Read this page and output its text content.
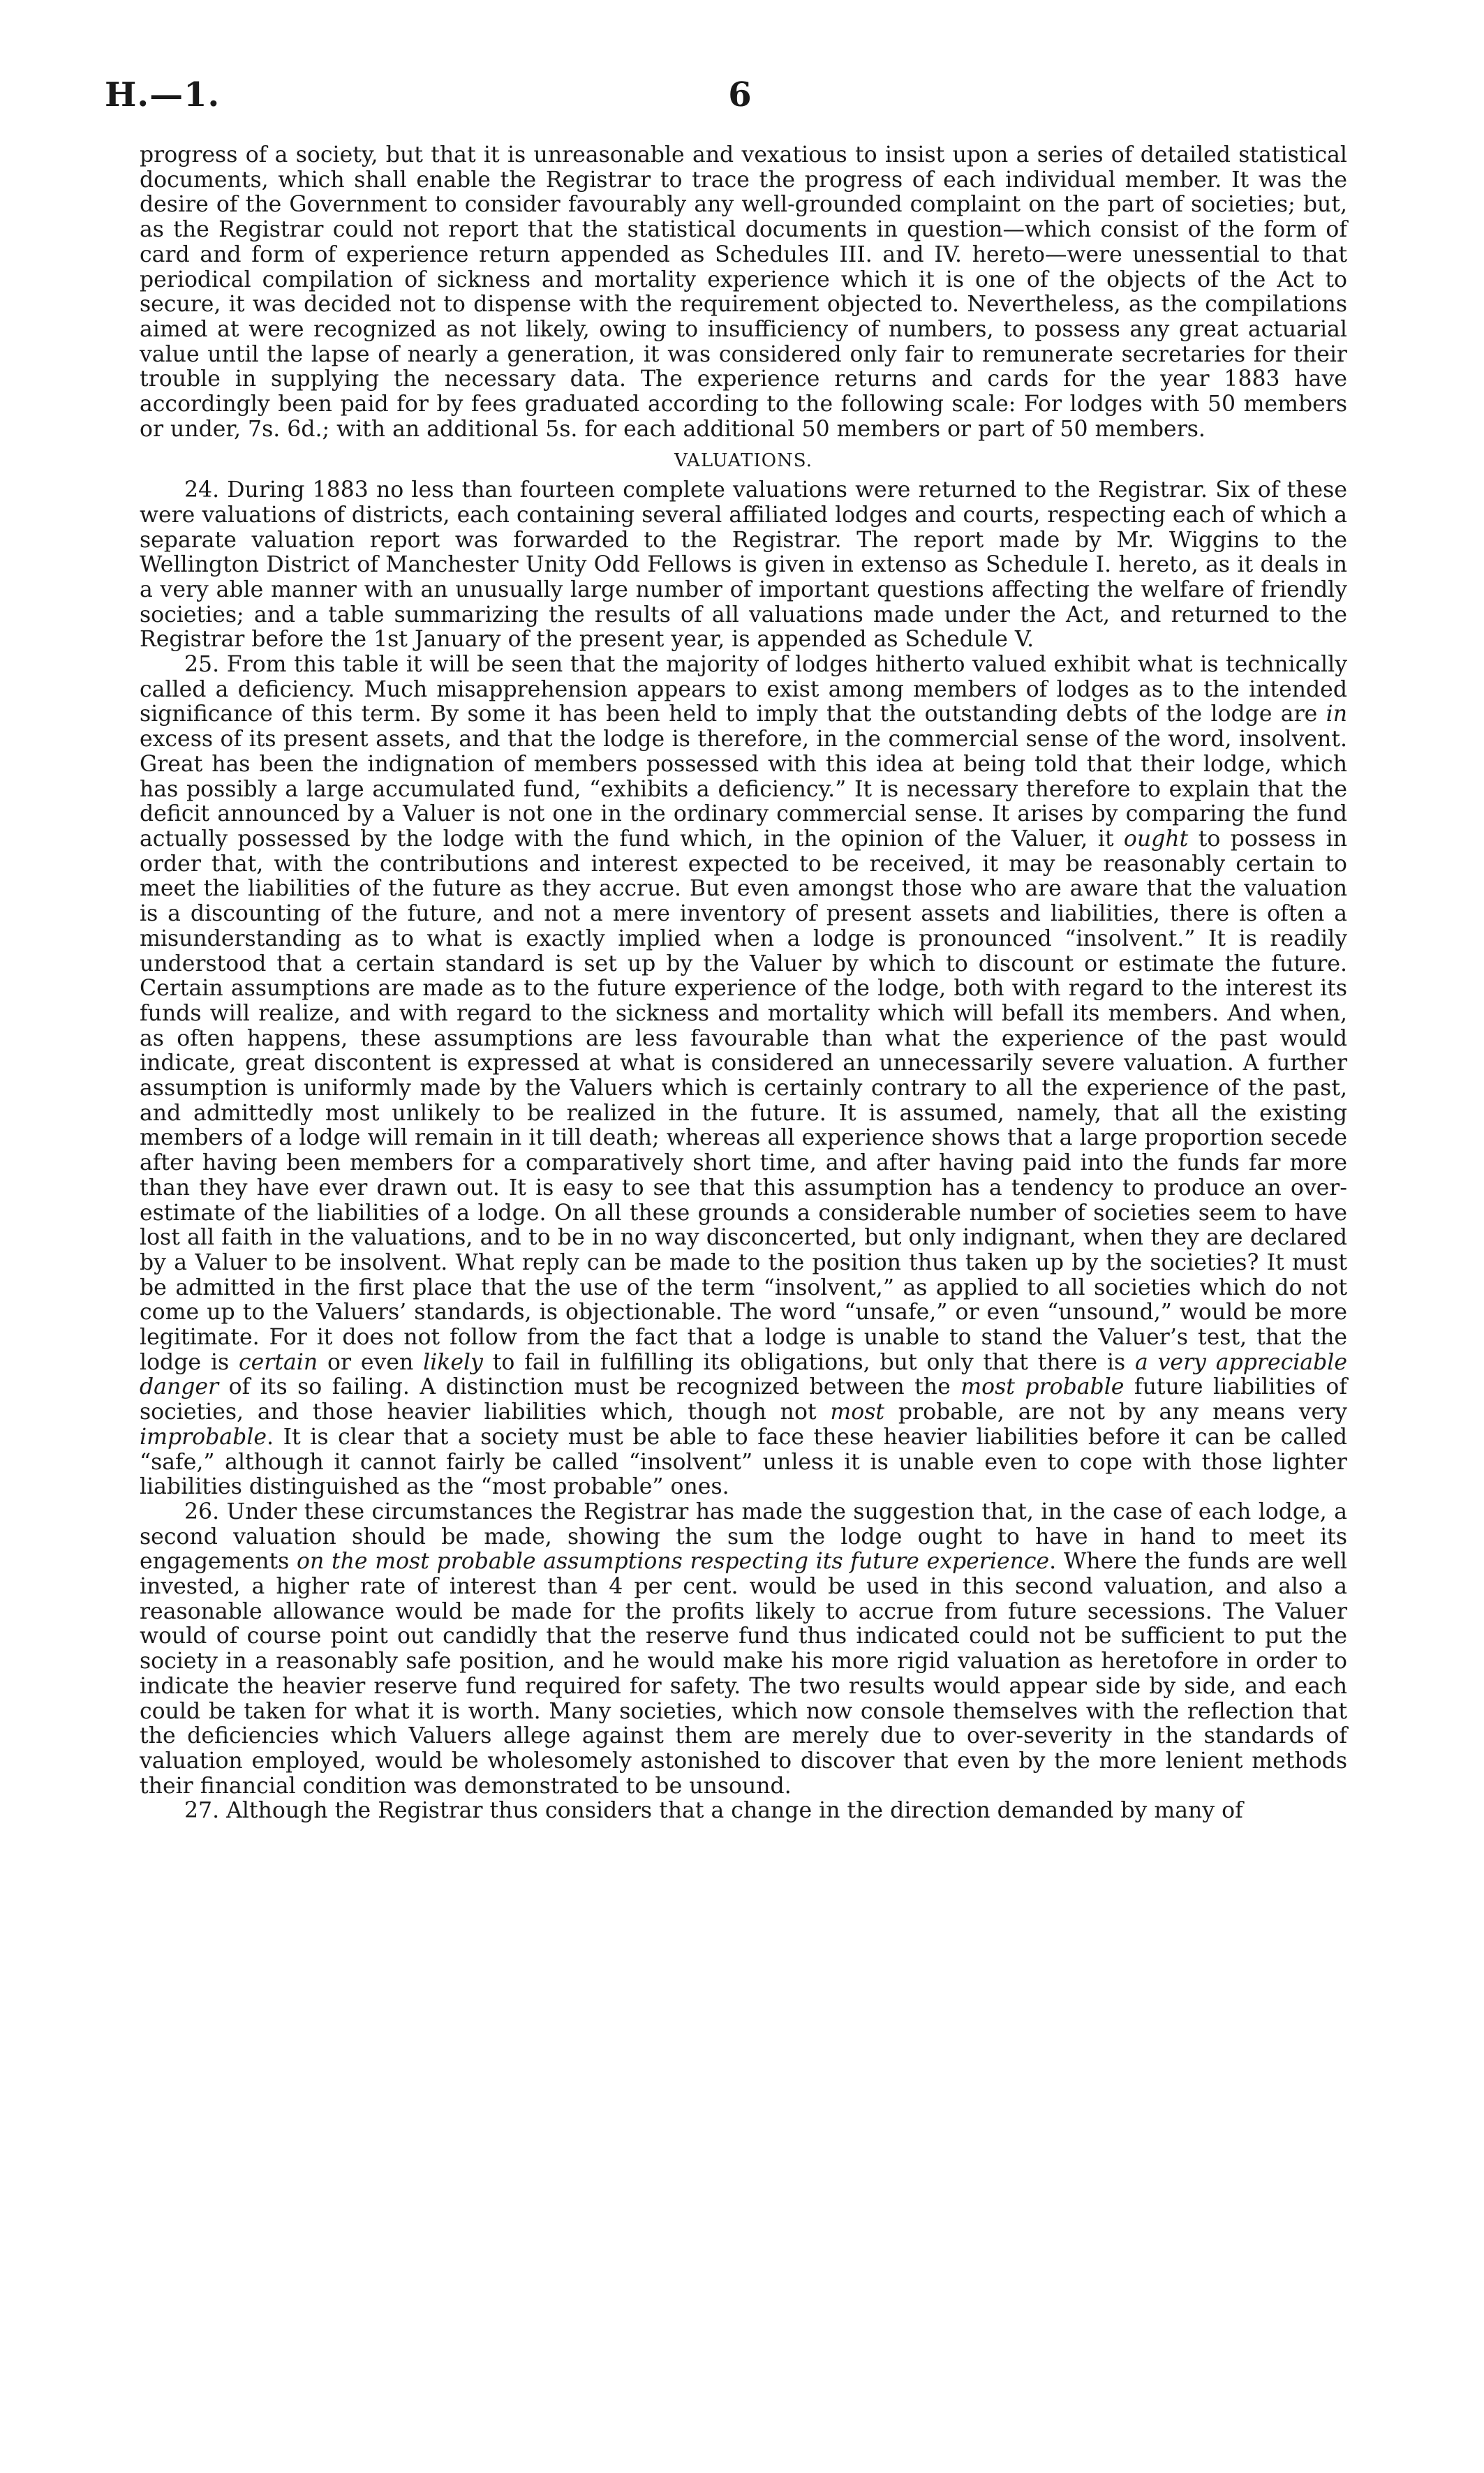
H.—1.	6

progress of a society, but that it is unreasonable and vexatious to insist upon a series of detailed statistical documents, which shall enable the Registrar to trace the progress of each individual member. It was the desire of the Government to consider favourably any well-grounded complaint on the part of societies; but, as the Registrar could not report that the statistical documents in question—which consist of the form of card and form of experience return appended as Schedules III. and IV. hereto—were unessential to that periodical compilation of sickness and mortality experience which it is one of the objects of the Act to secure, it was decided not to dispense with the requirement objected to. Nevertheless, as the compilations aimed at were recognized as not likely, owing to insufficiency of numbers, to possess any great actuarial value until the lapse of nearly a generation, it was considered only fair to remunerate secretaries for their trouble in supplying the necessary data. The experience returns and cards for the year 1883 have accordingly been paid for by fees graduated according to the following scale: For lodges with 50 members or under, 7s. 6d.; with an additional 5s. for each additional 50 members or part of 50 members.

VALUATIONS.

24. During 1883 no less than fourteen complete valuations were returned to the Registrar. Six of these were valuations of districts, each containing several affiliated lodges and courts, respecting each of which a separate valuation report was forwarded to the Registrar. The report made by Mr. Wiggins to the Wellington District of Manchester Unity Odd Fellows is given in extenso as Schedule I. hereto, as it deals in a very able manner with an unusually large number of important questions affecting the welfare of friendly societies; and a table summarizing the results of all valuations made under the Act, and returned to the Registrar before the 1st January of the present year, is appended as Schedule V.

25. From this table it will be seen that the majority of lodges hitherto valued exhibit what is technically called a deficiency. Much misapprehension appears to exist among members of lodges as to the intended significance of this term. By some it has been held to imply that the outstanding debts of the lodge are in excess of its present assets, and that the lodge is therefore, in the commercial sense of the word, insolvent. Great has been the indignation of members possessed with this idea at being told that their lodge, which has possibly a large accumulated fund, “exhibits a deficiency.” It is necessary therefore to explain that the deficit announced by a Valuer is not one in the ordinary commercial sense. It arises by comparing the fund actually possessed by the lodge with the fund which, in the opinion of the Valuer, it ought to possess in order that, with the contributions and interest expected to be received, it may be reasonably certain to meet the liabilities of the future as they accrue. But even amongst those who are aware that the valuation is a discounting of the future, and not a mere inventory of present assets and liabilities, there is often a misunderstanding as to what is exactly implied when a lodge is pronounced “insolvent.” It is readily understood that a certain standard is set up by the Valuer by which to discount or estimate the future. Certain assumptions are made as to the future experience of the lodge, both with regard to the interest its funds will realize, and with regard to the sickness and mortality which will befall its members. And when, as often happens, these assumptions are less favourable than what the experience of the past would indicate, great discontent is expressed at what is considered an unnecessarily severe valuation. A further assumption is uniformly made by the Valuers which is certainly contrary to all the experience of the past, and admittedly most unlikely to be realized in the future. It is assumed, namely, that all the existing members of a lodge will remain in it till death; whereas all experience shows that a large proportion secede after having been members for a comparatively short time, and after having paid into the funds far more than they have ever drawn out. It is easy to see that this assumption has a tendency to produce an over-estimate of the liabilities of a lodge. On all these grounds a considerable number of societies seem to have lost all faith in the valuations, and to be in no way disconcerted, but only indignant, when they are declared by a Valuer to be insolvent. What reply can be made to the position thus taken up by the societies? It must be admitted in the first place that the use of the term “insolvent,” as applied to all societies which do not come up to the Valuers’ standards, is objectionable. The word “unsafe,” or even “unsound,” would be more legitimate. For it does not follow from the fact that a lodge is unable to stand the Valuer’s test, that the lodge is certain or even likely to fail in fulfilling its obligations, but only that there is a very appreciable danger of its so failing. A distinction must be recognized between the most probable future liabilities of societies, and those heavier liabilities which, though not most probable, are not by any means very improbable. It is clear that a society must be able to face these heavier liabilities before it can be called “safe,” although it cannot fairly be called “insolvent” unless it is unable even to cope with those lighter liabilities distinguished as the “most probable” ones.

26. Under these circumstances the Registrar has made the suggestion that, in the case of each lodge, a second valuation should be made, showing the sum the lodge ought to have in hand to meet its engagements on the most probable assumptions respecting its future experience. Where the funds are well invested, a higher rate of interest than 4 per cent. would be used in this second valuation, and also a reasonable allowance would be made for the profits likely to accrue from future secessions. The Valuer would of course point out candidly that the reserve fund thus indicated could not be sufficient to put the society in a reasonably safe position, and he would make his more rigid valuation as heretofore in order to indicate the heavier reserve fund required for safety. The two results would appear side by side, and each could be taken for what it is worth. Many societies, which now console themselves with the reflection that the deficiencies which Valuers allege against them are merely due to over-severity in the standards of valuation employed, would be wholesomely astonished to discover that even by the more lenient methods their financial condition was demonstrated to be unsound.

27. Although the Registrar thus considers that a change in the direction demanded by many of
